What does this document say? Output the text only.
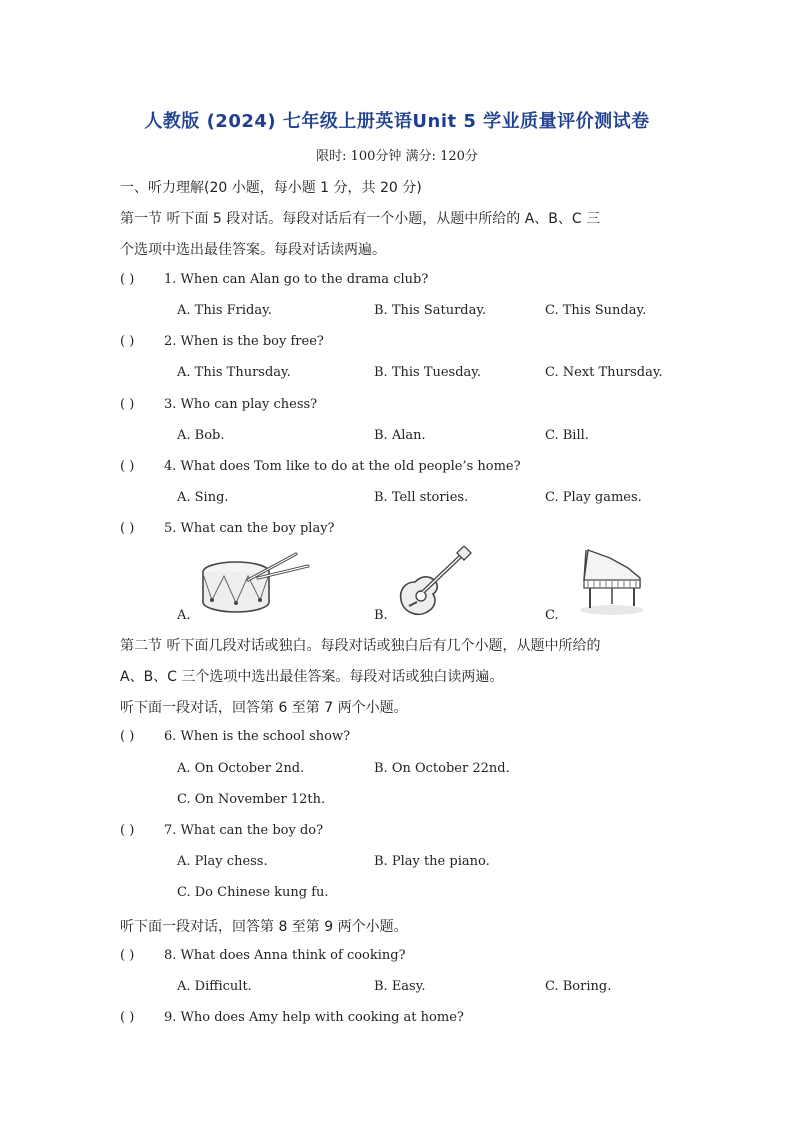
人教版 (2024) 七年级上册英语Unit 5 学业质量评价测试卷
限时: 100分钟 满分: 120分
一、听力理解(20 小题，每小题 1 分，共 20 分)
第一节 听下面 5 段对话。每段对话后有一个小题，从题中所给的 A、B、C 三
个选项中选出最佳答案。每段对话读两遍。
( ) 1. When can Alan go to the drama club?
A. This Friday.	B. This Saturday.	C. This Sunday.
( ) 2. When is the boy free?
A. This Thursday.	B. This Tuesday.	C. Next Thursday.
( ) 3. Who can play chess?
A. Bob.	B. Alan.	C. Bill.
( ) 4. What does Tom like to do at the old people’s home?
A. Sing.	B. Tell stories.	C. Play games.
( ) 5. What can the boy play?
A.	B.	C.
第二节 听下面几段对话或独白。每段对话或独白后有几个小题，从题中所给的
A、B、C 三个选项中选出最佳答案。每段对话或独白读两遍。
听下面一段对话，回答第 6 至第 7 两个小题。
( ) 6. When is the school show?
A. On October 2nd.	B. On October 22nd.
C. On November 12th.
( ) 7. What can the boy do?
A. Play chess.	B. Play the piano.
C. Do Chinese kung fu.
听下面一段对话，回答第 8 至第 9 两个小题。
( ) 8. What does Anna think of cooking?
A. Difficult.	B. Easy.	C. Boring.
( ) 9. Who does Amy help with cooking at home?
